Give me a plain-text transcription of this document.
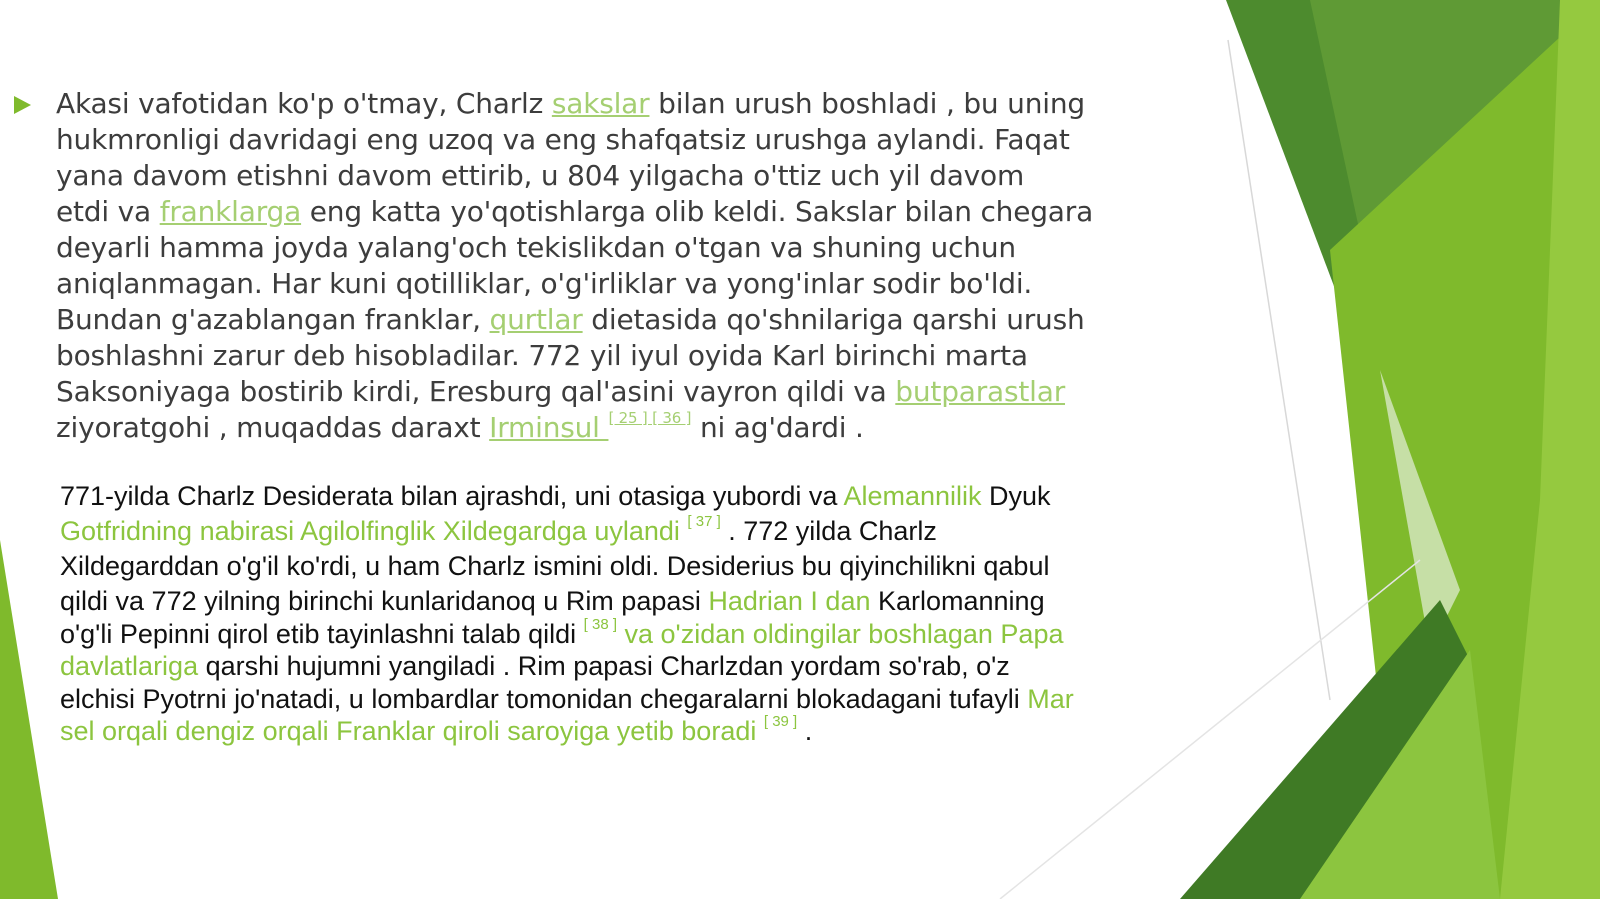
Akasi vafotidan ko'p o'tmay, Charlz sakslar bilan urush boshladi , bu uning
hukmronligi davridagi eng uzoq va eng shafqatsiz urushga aylandi. Faqat
yana davom etishni davom ettirib, u 804 yilgacha o'ttiz uch yil davom
etdi va franklarga eng katta yo'qotishlarga olib keldi. Sakslar bilan chegara
deyarli hamma joyda yalang'och tekislikdan o'tgan va shuning uchun
aniqlanmagan. Har kuni qotilliklar, o'g'irliklar va yong'inlar sodir bo'ldi.
Bundan g'azablangan franklar, qurtlar dietasida qo'shnilariga qarshi urush
boshlashni zarur deb hisobladilar. 772 yil iyul oyida Karl birinchi marta
Saksoniyaga bostirib kirdi, Eresburg qal'asini vayron qildi va butparastlar
ziyoratgohi , muqaddas daraxt Irminsul [ 25 ] [ 36 ] ni ag'dardi .
771-yilda Charlz Desiderata bilan ajrashdi, uni otasiga yubordi va Alemannilik Dyuk
Gotfridning nabirasi Agilolfinglik Xildegardga uylandi [ 37 ] . 772 yilda Charlz
Xildegarddan o'g'il ko'rdi, u ham Charlz ismini oldi. Desiderius bu qiyinchilikni qabul
qildi va 772 yilning birinchi kunlaridanoq u Rim papasi Hadrian I dan Karlomanning
o'g'li Pepinni qirol etib tayinlashni talab qildi [ 38 ] va o'zidan oldingilar boshlagan Papa
davlatlariga qarshi hujumni yangiladi . Rim papasi Charlzdan yordam so'rab, o'z
elchisi Pyotrni jo'natadi, u lombardlar tomonidan chegaralarni blokadagani tufayli Mar
sel orqali dengiz orqali Franklar qiroli saroyiga yetib boradi [ 39 ] .
